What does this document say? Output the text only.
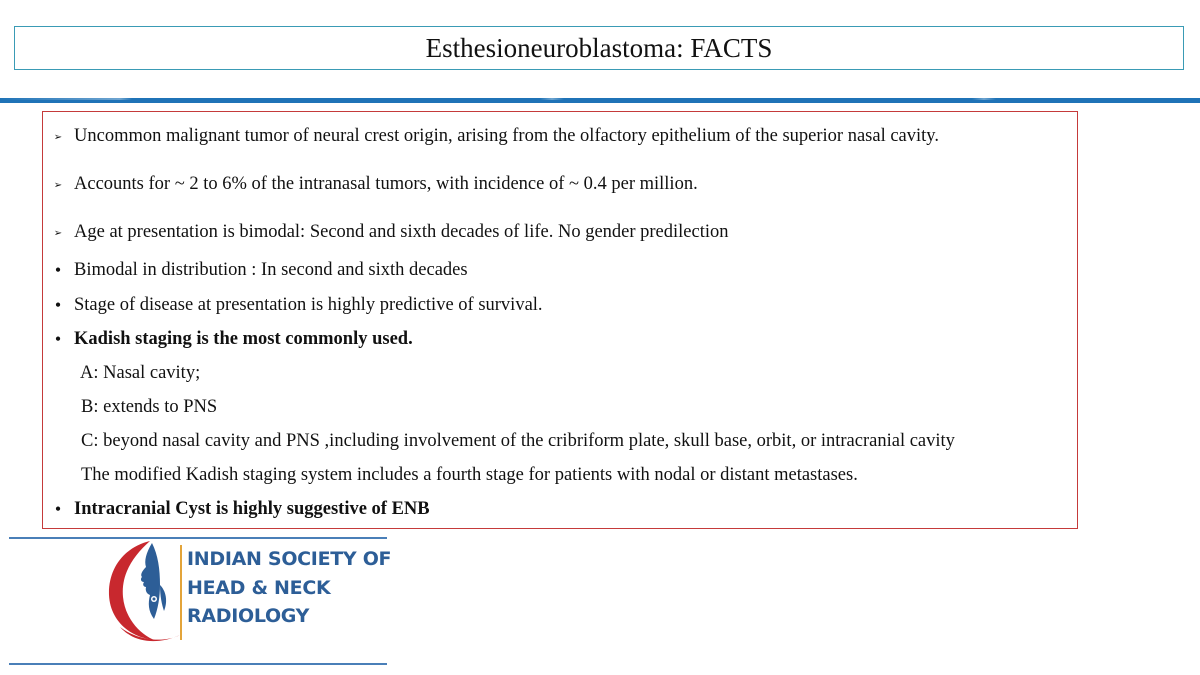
Esthesioneuroblastoma: FACTS
➢ Uncommon malignant tumor of neural crest origin, arising from the olfactory epithelium of the superior nasal cavity.
➢ Accounts for ~ 2 to 6% of the intranasal tumors, with incidence of ~ 0.4 per million.
➢ Age at presentation is bimodal: Second and sixth decades of life. No gender predilection
• Bimodal in distribution : In second and sixth decades
• Stage of disease at presentation is highly predictive of survival.
• Kadish staging is the most commonly used.
A: Nasal cavity;
B: extends to PNS
C: beyond nasal cavity and PNS ,including involvement of the cribriform plate, skull base, orbit, or intracranial cavity
The modified Kadish staging system includes a fourth stage for patients with nodal or distant metastases.
• Intracranial Cyst is highly suggestive of ENB
INDIAN SOCIETY OF
HEAD & NECK
RADIOLOGY
